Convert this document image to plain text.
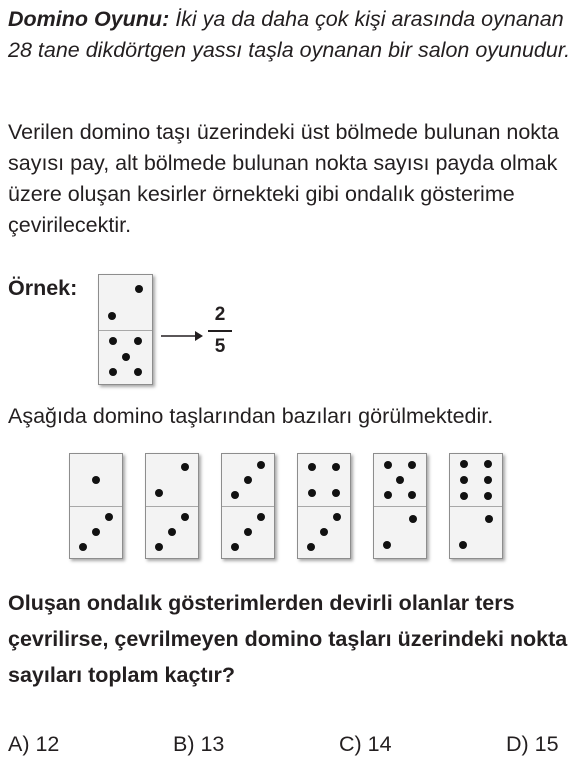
Domino Oyunu: İki ya da daha çok kişi arasında oynanan 28 tane dikdörtgen yassı taşla oynanan bir salon oyunudur.
Verilen domino taşı üzerindeki üst bölmede bulunan nokta sayısı pay, alt bölmede bulunan nokta sayısı payda olmak üzere oluşan kesirler örnekteki gibi ondalık gösterime çevirilecektir.
Örnek:
2
5
Aşağıda domino taşlarından bazıları görülmektedir.
Oluşan ondalık gösterimlerden devirli olanlar ters çevrilirse, çevrilmeyen domino taşları üzerindeki nokta sayıları toplam kaçtır?
A) 12	B) 13	C) 14	D) 15
